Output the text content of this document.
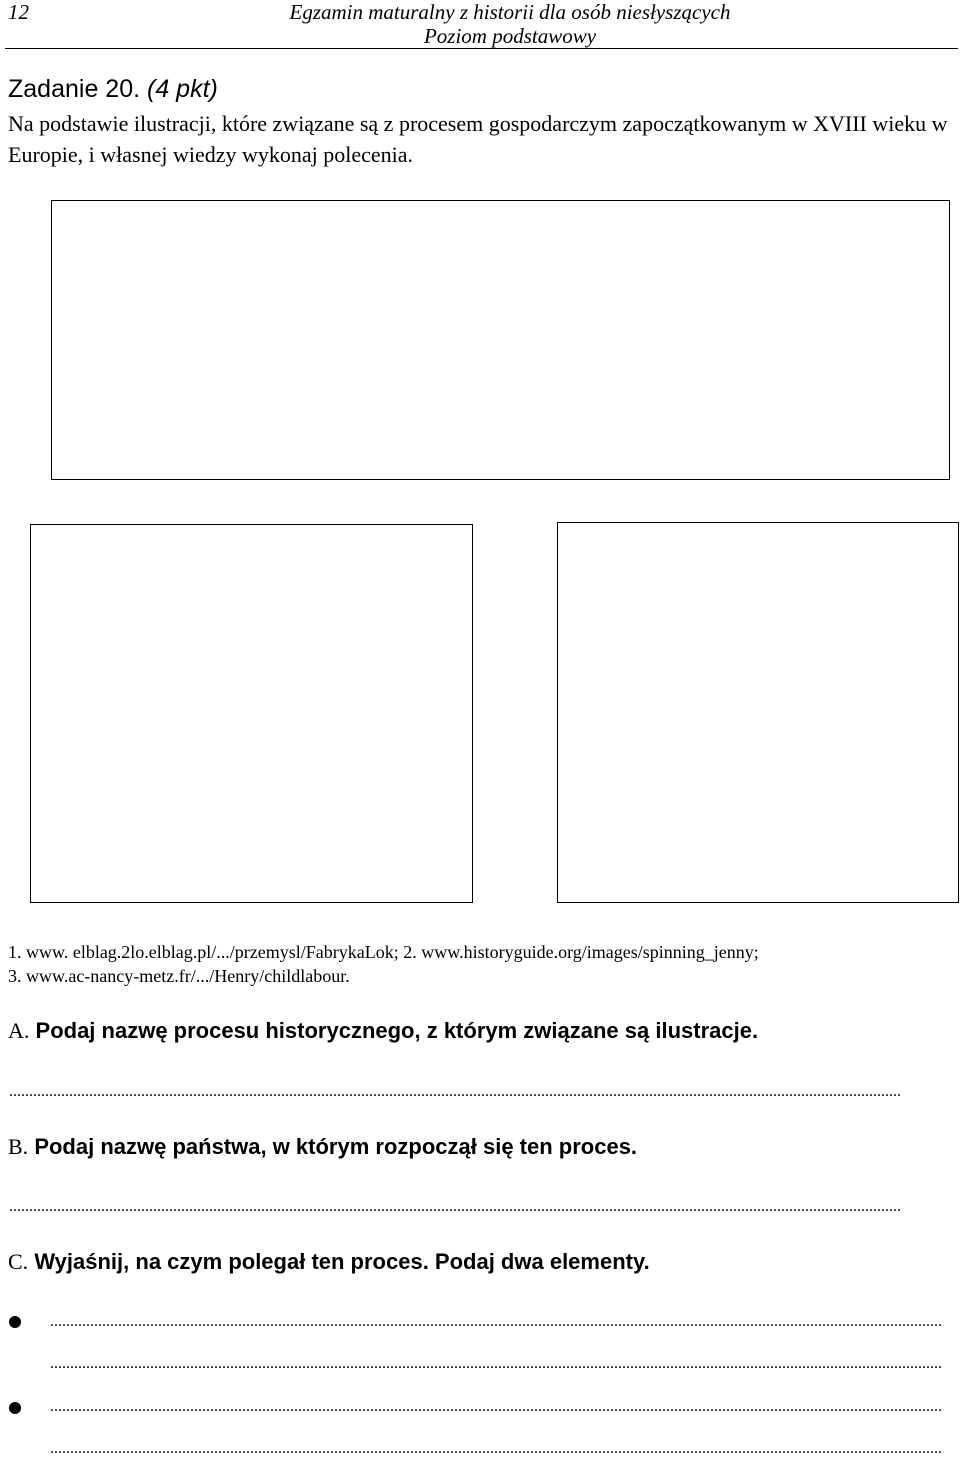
12	Egzamin maturalny z historii dla osób niesłyszących
Poziom podstawowy
Zadanie 20. (4 pkt)
Na podstawie ilustracji, które związane są z procesem gospodarczym zapoczątkowanym w XVIII wieku w Europie, i własnej wiedzy wykonaj polecenia.
1. www. elblag.2lo.elblag.pl/.../przemysl/FabrykaLok; 2. www.historyguide.org/images/spinning_jenny;
3. www.ac-nancy-metz.fr/.../Henry/childlabour.
A. Podaj nazwę procesu historycznego, z którym związane są ilustracje.
...............................................................................................................................................................................................................................
B. Podaj nazwę państwa, w którym rozpoczął się ten proces.
...............................................................................................................................................................................................................................
C. Wyjaśnij, na czym polegał ten proces. Podaj dwa elementy.
...............................................................................................................................................................................................................................
...............................................................................................................................................................................................................................
...............................................................................................................................................................................................................................
...............................................................................................................................................................................................................................
